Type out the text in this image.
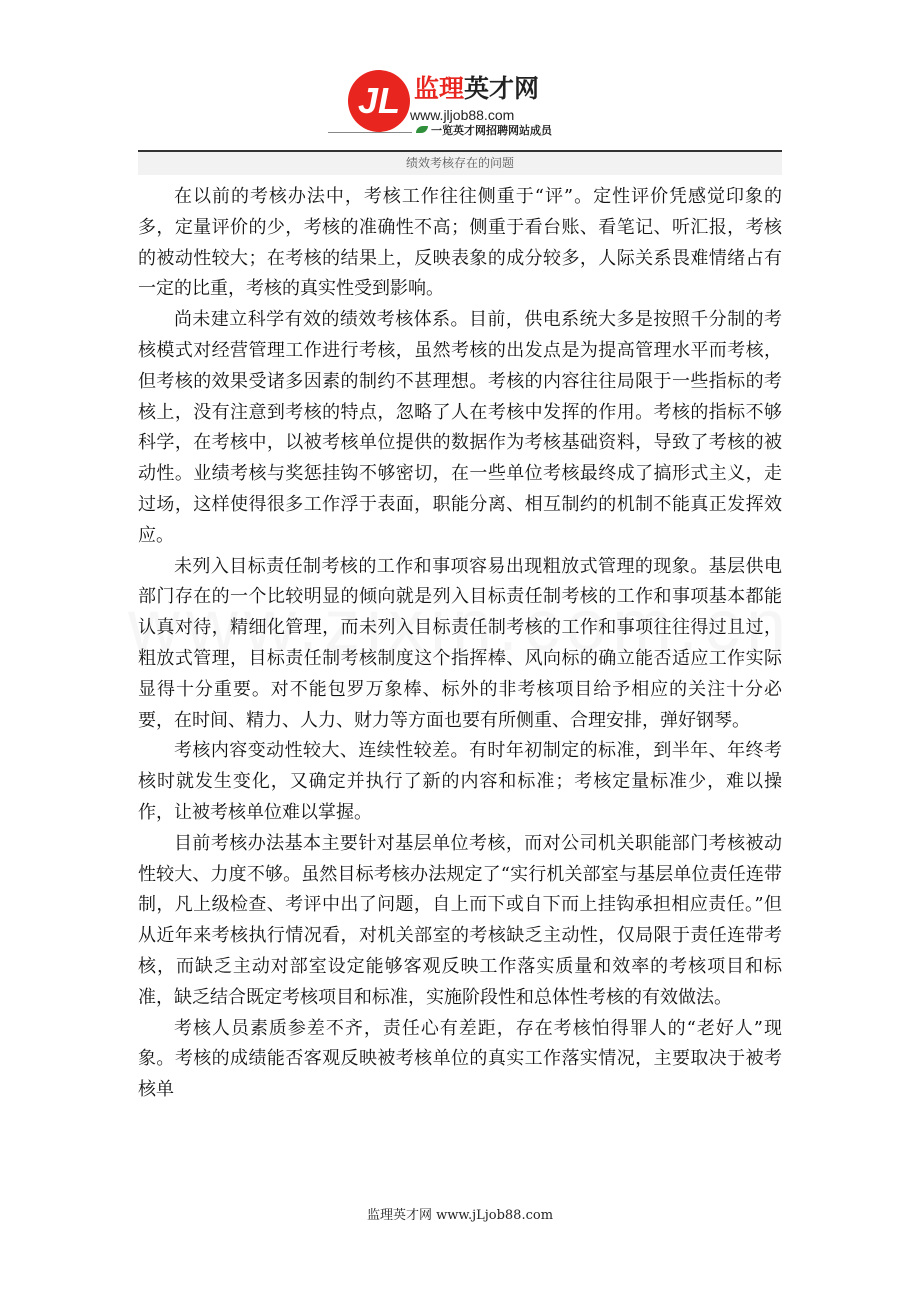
JL 监理英才网
www.jljob88.com
一览英才网招聘网站成员
绩效考核存在的问题

在以前的考核办法中，考核工作往往侧重于“评”。定性评价凭感觉印象的多，定量评价的少，考核的准确性不高；侧重于看台账、看笔记、听汇报，考核的被动性较大；在考核的结果上，反映表象的成分较多，人际关系畏难情绪占有一定的比重，考核的真实性受到影响。

尚未建立科学有效的绩效考核体系。目前，供电系统大多是按照千分制的考核模式对经营管理工作进行考核，虽然考核的出发点是为提高管理水平而考核，但考核的效果受诸多因素的制约不甚理想。考核的内容往往局限于一些指标的考核上，没有注意到考核的特点，忽略了人在考核中发挥的作用。考核的指标不够科学，在考核中，以被考核单位提供的数据作为考核基础资料，导致了考核的被动性。业绩考核与奖惩挂钩不够密切，在一些单位考核最终成了搞形式主义，走过场，这样使得很多工作浮于表面，职能分离、相互制约的机制不能真正发挥效应。

未列入目标责任制考核的工作和事项容易出现粗放式管理的现象。基层供电部门存在的一个比较明显的倾向就是列入目标责任制考核的工作和事项基本都能认真对待，精细化管理，而未列入目标责任制考核的工作和事项往往得过且过，粗放式管理，目标责任制考核制度这个指挥棒、风向标的确立能否适应工作实际显得十分重要。对不能包罗万象棒、标外的非考核项目给予相应的关注十分必要，在时间、精力、人力、财力等方面也要有所侧重、合理安排，弹好钢琴。

考核内容变动性较大、连续性较差。有时年初制定的标准，到半年、年终考核时就发生变化，又确定并执行了新的内容和标准；考核定量标准少，难以操作，让被考核单位难以掌握。

目前考核办法基本主要针对基层单位考核，而对公司机关职能部门考核被动性较大、力度不够。虽然目标考核办法规定了“实行机关部室与基层单位责任连带制，凡上级检查、考评中出了问题，自上而下或自下而上挂钩承担相应责任。”但从近年来考核执行情况看，对机关部室的考核缺乏主动性，仅局限于责任连带考核，而缺乏主动对部室设定能够客观反映工作落实质量和效率的考核项目和标准，缺乏结合既定考核项目和标准，实施阶段性和总体性考核的有效做法。

考核人员素质参差不齐，责任心有差距，存在考核怕得罪人的“老好人”现象。考核的成绩能否客观反映被考核单位的真实工作落实情况，主要取决于被考核单

监理英才网 www.jLjob88.com
